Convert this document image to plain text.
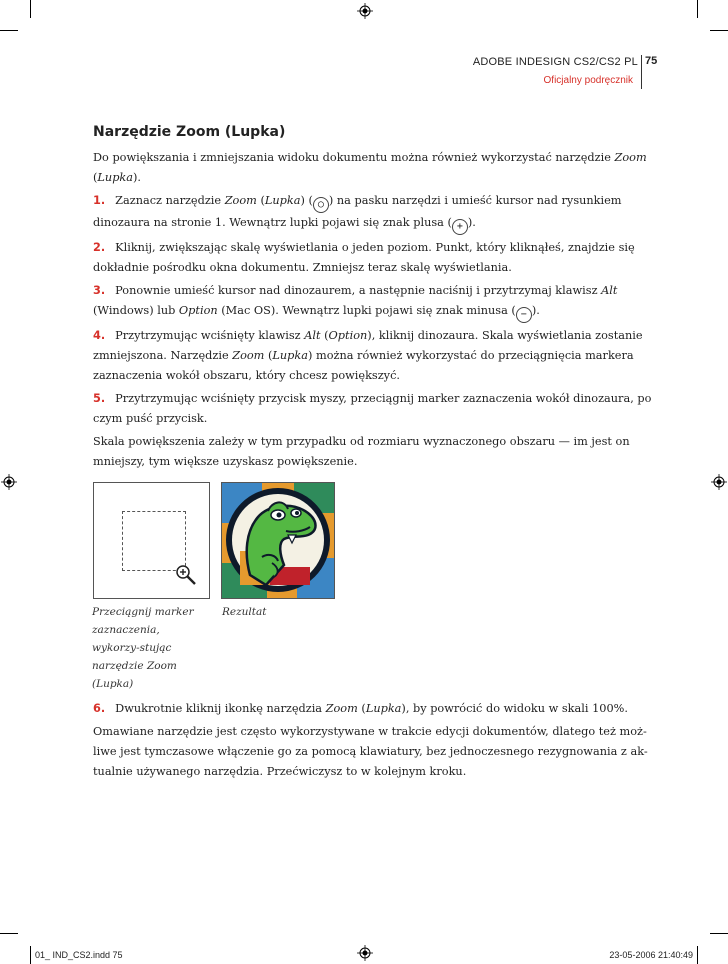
ADOBE INDESIGN CS2/CS2 PL 75
Oficjalny podręcznik
Narzędzie Zoom (Lupka)

Do powiększania i zmniejszania widoku dokumentu można również wykorzystać narzędzie Zoom (Lupka).

1. Zaznacz narzędzie Zoom (Lupka) ( ○ ) na pasku narzędzi i umieść kursor nad rysunkiem dinozaura na stronie 1. Wewnątrz lupki pojawi się znak plusa ( + ).

2. Kliknij, zwiększając skalę wyświetlania o jeden poziom. Punkt, który kliknąłeś, znajdzie się dokładnie pośrodku okna dokumentu. Zmniejsz teraz skalę wyświetlania.

3. Ponownie umieść kursor nad dinozaurem, a następnie naciśnij i przytrzymaj klawisz Alt (Windows) lub Option (Mac OS). Wewnątrz lupki pojawi się znak minusa ( − ).

4. Przytrzymując wciśnięty klawisz Alt (Option), kliknij dinozaura. Skala wyświetlania zostanie zmniejszona. Narzędzie Zoom (Lupka) można również wykorzystać do przeciągnięcia markera zaznaczenia wokół obszaru, który chcesz powiększyć.

5. Przytrzymując wciśnięty przycisk myszy, przeciągnij marker zaznaczenia wokół dinozaura, po czym puść przycisk.

Skala powiększenia zależy w tym przypadku od rozmiaru wyznaczonego obszaru — im jest on mniejszy, tym większe uzyskasz powiększenie.

Przeciągnij marker zaznaczenia, wykorzy-stując narzędzie Zoom (Lupka)
Rezultat

6. Dwukrotnie kliknij ikonkę narzędzia Zoom (Lupka), by powrócić do widoku w skali 100%.

Omawiane narzędzie jest często wykorzystywane w trakcie edycji dokumentów, dlatego też moż-liwe jest tymczasowe włączenie go za pomocą klawiatury, bez jednoczesnego rezygnowania z ak-tualnie używanego narzędzia. Przećwiczysz to w kolejnym kroku.

01_ IND_CS2.indd 75	23-05-2006 21:40:49
